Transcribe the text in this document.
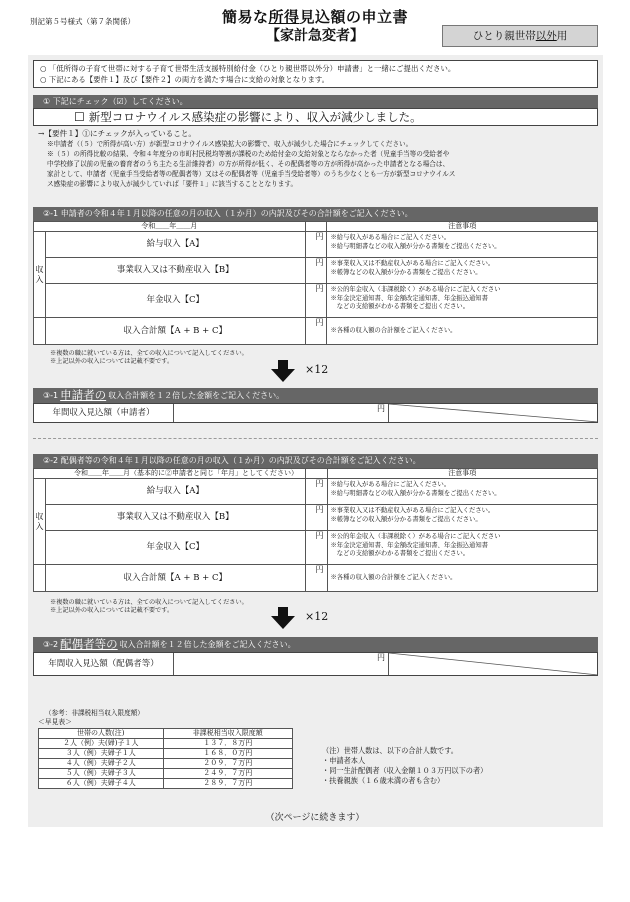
別記第５号様式（第７条関係）	簡易な所得見込額の申立書
【家計急変者】	ひとり親世帯以外用
○ 「低所得の子育て世帯に対する子育て世帯生活支援特別給付金（ひとり親世帯以外分）申請書」と一緒にご提出ください。
○ 下記にある【要件１】及び【要件２】の両方を満たす場合に支給の対象となります。
① 下記にチェック（☑）してください。
☐ 新型コロナウイルス感染症の影響により、収入が減少しました。
→【要件１】①にチェックが入っていること。
※申請者（（５）で所得が高い方）が新型コロナウイルス感染拡大の影響で、収入が減少した場合にチェックしてください。
※（５）の所得比較の結果、令和４年度分の市町村民税均等割が課税のため給付金の支給対象とならなかった者（児童手当等の受給者や
中学校修了以前の児童の養育者のうち主たる生計維持者）の方が所得が低く、その配偶者等の方が所得が高かった申請者となる場合は、
家計として、申請者（児童手当受給者等の配偶者等）又はその配偶者等（児童手当受給者等）のうち少なくとも一方が新型コロナウイルス
ス感染症の影響により収入が減少していれば「要件１」に該当することとなります。
②-1 申請者の令和４年１月以降の任意の月の収入（１か月）の内訳及びその合計額をご記入ください。
令和＿＿年＿＿月			注意事項
収入	給与収入【A】	円	※給与収入がある場合にご記入ください。
※給与明細書などの収入額が分かる書類をご提出ください。

	事業収入又は不動産収入【B】	円	※事業収入又は不動産収入がある場合にご記入ください。
※帳簿などの収入額が分かる書類をご提出ください。

	年金収入【C】	円	※公的年金収入（非課税除く）がある場合にご記入ください
※年金決定通知書、年金額改定通知書、年金振込通知書
　などの支給額がわかる書類をご提出ください。

	収入合計額【A + B + C】	円	※各種の収入額の合計額をご記入ください。
※複数の職に就いている方は、全ての収入について記入してください。
※上記以外の収入については記載不要です。
×12
③-1 申請者の 収入合計額を１２倍した金額をご記入ください。
年間収入見込額（申請者）	円
②-2 配偶者等の令和４年１月以降の任意の月の収入（１か月）の内訳及びその合計額をご記入ください。
令和＿＿年＿＿月（基本的に②申請者と同じ「年月」としてください）			注意事項
収入	給与収入【A】	円	※給与収入がある場合にご記入ください。
※給与明細書などの収入額が分かる書類をご提出ください。

	事業収入又は不動産収入【B】	円	※事業収入又は不動産収入がある場合にご記入ください。
※帳簿などの収入額が分かる書類をご提出ください。

	年金収入【C】	円	※公的年金収入（非課税除く）がある場合にご記入ください
※年金決定通知書、年金額改定通知書、年金振込通知書
　などの支給額がわかる書類をご提出ください。

	収入合計額【A + B + C】	円	※各種の収入額の合計額をご記入ください。
※複数の職に就いている方は、全ての収入について記入してください。
※上記以外の収入については記載不要です。	×12
③-2 配偶者等の 収入合計額を１２倍した金額をご記入ください。
年間収入見込額（配偶者等）
円
（参考：非課税相当収入限度額）
＜早見表＞
世帯の人数(注)	非課税相当収入限度額
２人（例）夫(婦)子１人	１３７．８万円
３人（例）夫婦子１人	１６８．０万円
４人（例）夫婦子２人	２０９．７万円
５人（例）夫婦子３人	２４９．７万円
６人（例）夫婦子４人	２８９．７万円
（注）世帯人数は、以下の合計人数です。
・申請者本人
・同一生計配偶者（収入金額１０３万円以下の者）
・扶養親族（１６歳未満の者も含む）
（次ページに続きます）
